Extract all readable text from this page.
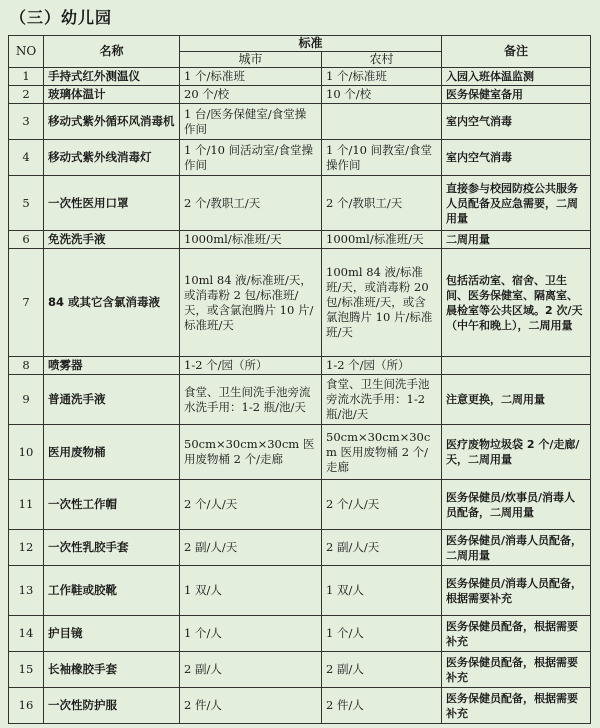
（三）幼儿园
NO	名称	标准		备注
		城市	农村	
1	手持式红外测温仪	1 个/标准班	1 个/标准班	入园入班体温监测
2	玻璃体温计	20 个/校	10 个/校	医务保健室备用
3	移动式紫外循环风消毒机	1 台/医务保健室/食堂操作间		室内空气消毒
4	移动式紫外线消毒灯	1 个/10 间活动室/食堂操作间	1 个/10 间教室/食堂操作间	室内空气消毒
5	一次性医用口罩	2 个/教职工/天	2 个/教职工/天	直接参与校园防疫公共服务人员配备及应急需要，二周用量
6	免洗洗手液	1000ml/标准班/天	1000ml/标准班/天	二周用量
7	84 或其它含氯消毒液	10ml 84 液/标准班/天，或消毒粉 2 包/标准班/天，或含氯泡腾片 10 片/标准班/天	100ml 84 液/标准班/天，或消毒粉 20 包/标准班/天，或含氯泡腾片 10 片/标准班/天	包括活动室、宿舍、卫生间、医务保健室、隔离室、晨检室等公共区域。2 次/天（中午和晚上），二周用量
8	喷雾器	1-2 个/园（所）	1-2 个/园（所）	
9	普通洗手液	食堂、卫生间洗手池旁流水洗手用：1-2 瓶/池/天	食堂、卫生间洗手池旁流水洗手用：1-2 瓶/池/天	注意更换，二周用量
10	医用废物桶	50cm×30cm×30cm 医用废物桶 2 个/走廊	50cm×30cm×30cm 医用废物桶 2 个/走廊	医疗废物垃圾袋 2 个/走廊/天，二周用量
11	一次性工作帽	2 个/人/天	2 个/人/天	医务保健员/炊事员/消毒人员配备，二周用量
12	一次性乳胶手套	2 副/人/天	2 副/人/天	医务保健员/消毒人员配备，二周用量
13	工作鞋或胶靴	1 双/人	1 双/人	医务保健员/消毒人员配备，根据需要补充
14	护目镜	1 个/人	1 个/人	医务保健员配备，根据需要补充
15	长袖橡胶手套	2 副/人	2 副/人	医务保健员配备，根据需要补充
16	一次性防护服	2 件/人	2 件/人	医务保健员配备，根据需要补充
